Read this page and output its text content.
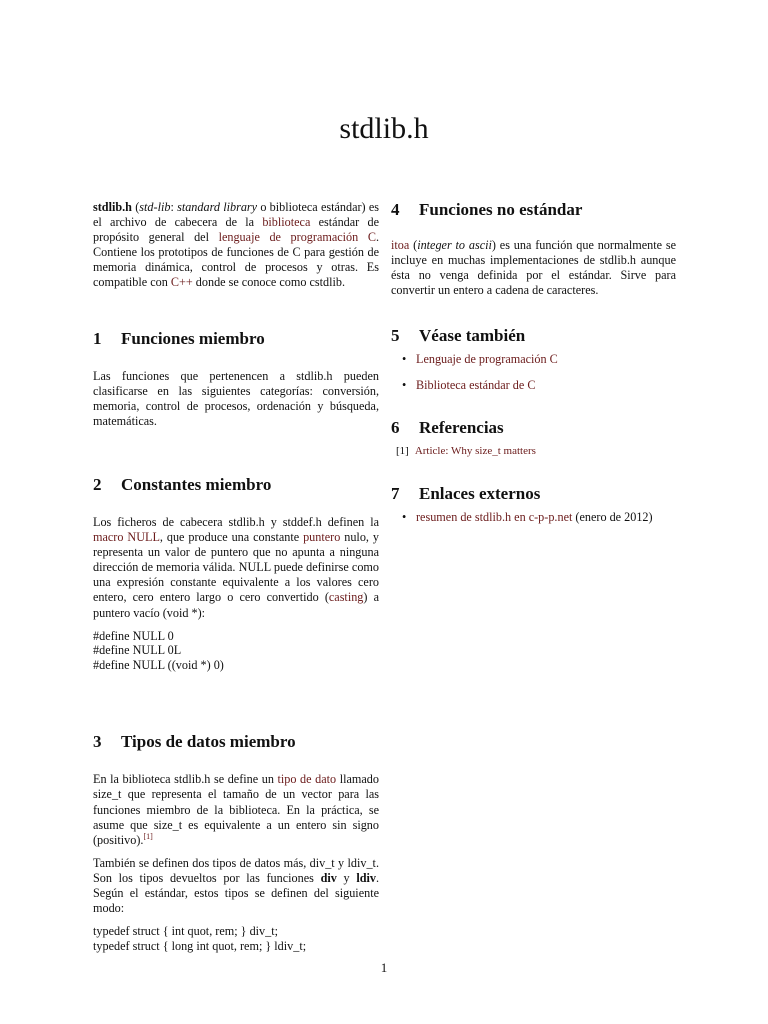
stdlib.h

stdlib.h (std-lib: standard library o biblioteca estándar) es el archivo de cabecera de la biblioteca estándar de propósito general del lenguaje de programación C. Contiene los prototipos de funciones de C para gestión de memoria dinámica, control de procesos y otras. Es compatible con C++ donde se conoce como cstdlib.

1 Funciones miembro

Las funciones que pertenencen a stdlib.h pueden clasificarse en las siguientes categorías: conversión, memoria, control de procesos, ordenación y búsqueda, matemáticas.

2 Constantes miembro

Los ficheros de cabecera stdlib.h y stddef.h definen la macro NULL, que produce una constante puntero nulo, y representa un valor de puntero que no apunta a ninguna dirección de memoria válida. NULL puede definirse como una expresión constante equivalente a los valores cero entero, cero entero largo o cero convertido (casting) a puntero vacío (void *):

#define NULL 0
#define NULL 0L
#define NULL ((void *) 0)
3 Tipos de datos miembro

En la biblioteca stdlib.h se define un tipo de dato llamado size_t que representa el tamaño de un vector para las funciones miembro de la biblioteca. En la práctica, se asume que size_t es equivalente a un entero sin signo (positivo).[1]

También se definen dos tipos de datos más, div_t y ldiv_t. Son los tipos devueltos por las funciones div y ldiv. Según el estándar, estos tipos se definen del siguiente modo:

typedef struct { int quot, rem; } div_t;
typedef struct { long int quot, rem; } ldiv_t;
4 Funciones no estándar

itoa (integer to ascii) es una función que normalmente se incluye en muchas implementaciones de stdlib.h aunque ésta no venga definida por el estándar. Sirve para convertir un entero a cadena de caracteres.

5 Véase también
• Lenguaje de programación C
• Biblioteca estándar de C
6 Referencias
[1] Article: Why size_t matters
7 Enlaces externos
• resumen de stdlib.h en c-p-p.net (enero de 2012)
1
